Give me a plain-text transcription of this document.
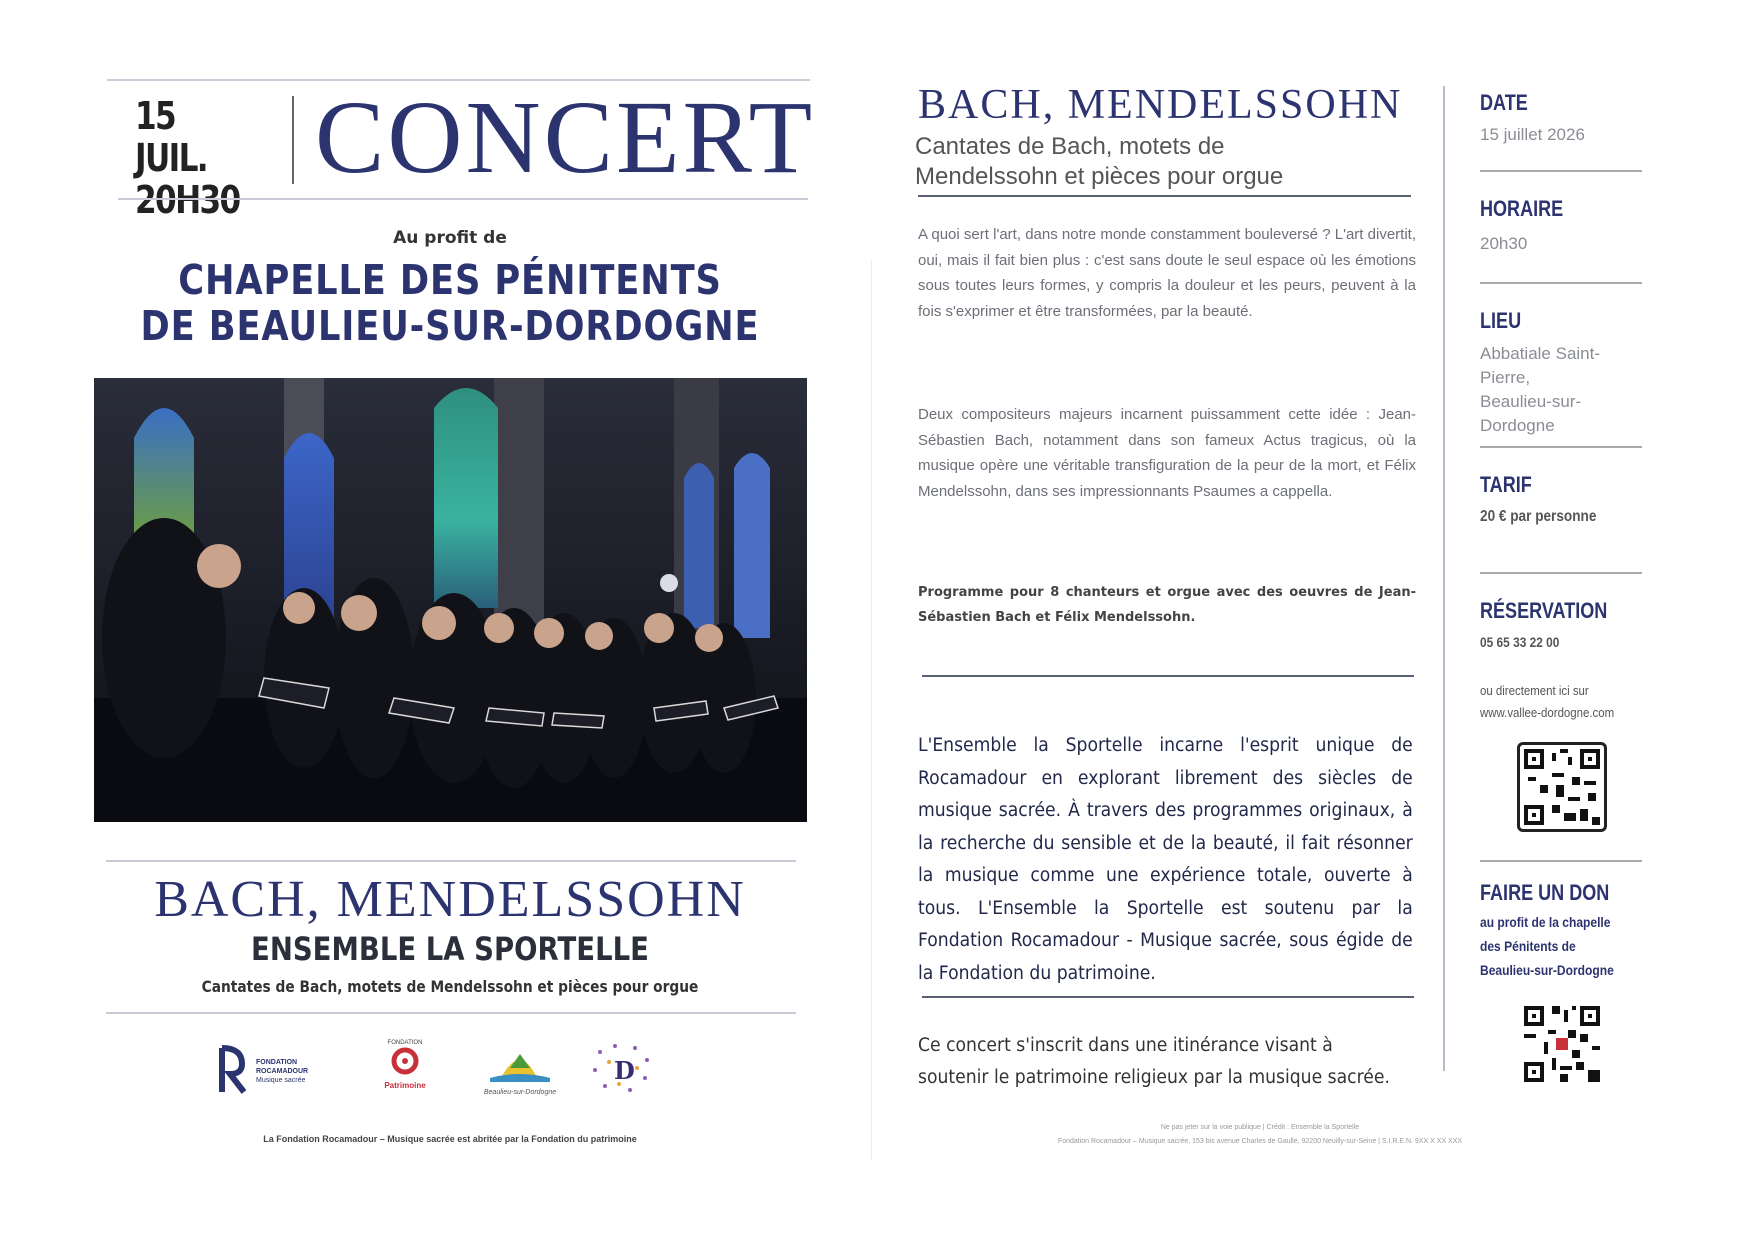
15 JUIL.
20H30
CONCERT
Au profit de
CHAPELLE DES PÉNITENTS
DE BEAULIEU-SUR-DORDOGNE
BACH, MENDELSSOHN
ENSEMBLE LA SPORTELLE
Cantates de Bach, motets de Mendelssohn et pièces pour orgue
FONDATION
ROCAMADOUR
Musique sacrée
FONDATION
Patrimoine
Beaulieu-sur-Dordogne
D
La Fondation Rocamadour – Musique sacrée est abritée par la Fondation du patrimoine
BACH, MENDELSSOHN
Cantates de Bach, motets de
Mendelssohn et pièces pour orgue
A quoi sert l'art, dans notre monde constamment bouleversé ? L'art divertit, oui, mais il fait bien plus : c'est sans doute le seul espace où les émotions sous toutes leurs formes, y compris la douleur et les peurs, peuvent à la fois s'exprimer et être transformées, par la beauté.
Deux compositeurs majeurs incarnent puissamment cette idée : Jean-Sébastien Bach, notamment dans son fameux Actus tragicus, où la musique opère une véritable transfiguration de la peur de la mort, et Félix Mendelssohn, dans ses impressionnants Psaumes a cappella.
Programme pour 8 chanteurs et orgue avec des oeuvres de Jean-Sébastien Bach et Félix Mendelssohn.
L'Ensemble la Sportelle incarne l'esprit unique de Rocamadour en explorant librement des siècles de musique sacrée. À travers des programmes originaux, à la recherche du sensible et de la beauté, il fait résonner la musique comme une expérience totale, ouverte à tous. L'Ensemble la Sportelle est soutenu par la Fondation Rocamadour - Musique sacrée, sous égide de la Fondation du patrimoine.
Ce concert s'inscrit dans une itinérance visant à
soutenir le patrimoine religieux par la musique sacrée.
Ne pas jeter sur la voie publique | Crédit : Ensemble la Sportelle
Fondation Rocamadour – Musique sacrée, 153 bis avenue Charles de Gaulle, 92200 Neuilly-sur-Seine | S.I.R.E.N. 9XX X XX XXX
DATE
15 juillet 2026
HORAIRE
20h30
LIEU
Abbatiale Saint-
Pierre,
Beaulieu-sur-
Dordogne
TARIF
20 € par personne
RÉSERVATION
05 65 33 22 00
ou directement ici sur
www.vallee-dordogne.com
FAIRE UN DON
au profit de la chapelle
des Pénitents de
Beaulieu-sur-Dordogne
